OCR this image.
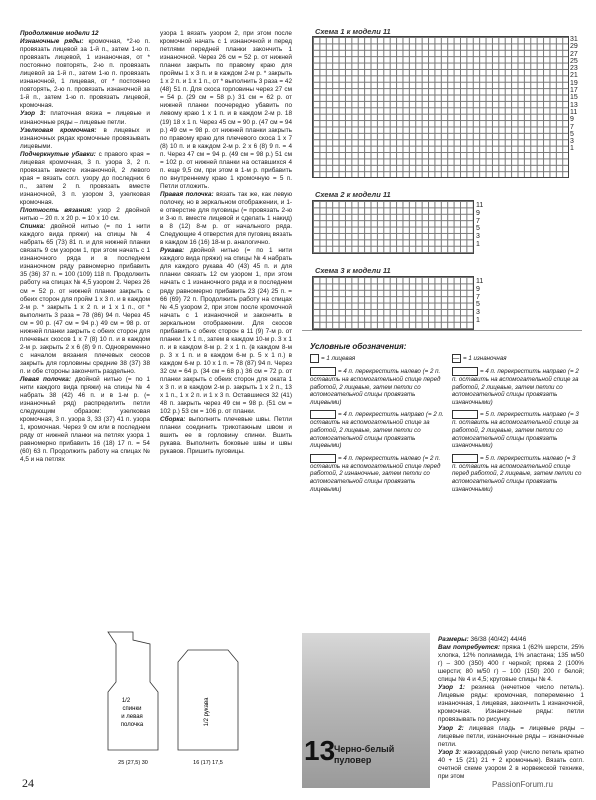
Продолжение модели 12

Изнаночные ряды: кромочная, *2-ю п. провязать лицевой за 1-й п., затем 1-ю п. провязать лицевой, 1 изнаночная, от * постоянно повторять, 2-ю п. провязать лицевой за 1-й п., затем 1-ю п. провязать изнаночной, 1 лицевая, от * постоянно повторять, 2-ю п. провязать изнаночной за 1-й п., затем 1-ю п. провязать лицевой, кромочная.

Узор 3: платочная вязка = лицевые и изнаночные ряды – лицевые петли.

Узелковая кромочная: в лицевых и изнаночных рядах кромочные провязывать лицевыми.

Подчеркнутые убавки: с правого края = лицевая кромочная, 3 п. узора 3, 2 п. провязать вместе изнаночной, 2 левого края = вязать согл. узору до последних 6 п., затем 2 п. провязать вместе изнаночной, 3 п. узором 3, узелковая кромочная.

Плотность вязания: узор 2 двойной нитью – 20 п. x 20 р. = 10 x 10 см.

Спинка: двойной нитью (= по 1 нити каждого вида пряжи) на спицы № 4 набрать 65 (73) 81 п. и для нижней планки связать 9 см узором 1, при этом начать с 1 изнаночного ряда и в последнем изнаночном ряду равномерно прибавить 35 (36) 37 п. = 100 (109) 118 п. Продолжить работу на спицах № 4,5 узором 2. Через 26 см = 52 р. от нижней планки закрыть с обеих сторон для пройм 1 x 3 п. и в каждом 2-м р. * закрыть 1 x 2 п. и 1 x 1 п., от * выполнить 3 раза = 78 (86) 94 п. Через 45 см = 90 р. (47 см = 94 р.) 49 см = 98 р. от нижней планки закрыть с обеих сторон для плечевых скосов 1 x 7 (8) 10 п. и в каждом 2-м р. закрыть 2 x 6 (8) 9 п. Одновременно с началом вязания плечевых скосов закрыть для горловины средние 38 (37) 38 п. и обе стороны закончить раздельно.

Левая полочка: двойной нитью (= по 1 нити каждого вида пряжи) на спицы № 4 набрать 38 (42) 46 п. и в 1-м р. (= изнаночный ряд) распределить петли следующим образом: узелковая кромочная, 3 п. узора 3, 33 (37) 41 п. узора 1, кромочная. Через 9 см или в последнем ряду от нижней планки на петлях узора 1 равномерно прибавить 16 (18) 17 п. = 54 (60) 63 п. Продолжить работу на спицах № 4,5 и на петлях

узора 1 вязать узором 2, при этом после кромочной начать с 1 изнаночной и перед петлями передней планки закончить 1 изнаночной. Через 26 см = 52 р. от нижней планки закрыть по правому краю для проймы 1 x 3 п. и в каждом 2-м р. * закрыть 1 x 2 п. и 1 x 1 п., от * выполнить 3 раза = 42 (48) 51 п. Для скоса горловины через 27 см = 54 р. (29 см = 58 р.) 31 см = 62 р. от нижней планки поочередно убавить по левому краю 1 x 1 п. и в каждом 2-м р. 18 (19) 18 x 1 п. Через 45 см = 90 р. (47 см = 94 р.) 49 см = 98 р. от нижней планки закрыть по правому краю для плечевого скоса 1 x 7 (8) 10 п. и в каждом 2-м р. 2 x 6 (8) 9 п. = 4 п. Через 47 см = 94 р. (49 см = 98 р.) 51 см = 102 р. от нижней планки на оставшихся 4 п. еще 9,5 см, при этом в 1-м р. прибавить по внутреннему краю 1 кромочную = 5 п. Петли отложить.

Правая полочка: вязать так же, как левую полочку, но в зеркальном отображении, и 1-е отверстие для пуговицы (= провязать 2-ю и 3-ю п. вместе лицевой и сделать 1 накид) в 8 (12) 8-м р. от начального ряда. Следующие 4 отверстия для пуговиц вязать в каждом 16 (16) 18-м р. аналогично.

Рукава: двойной нитью (= по 1 нити каждого вида пряжи) на спицы № 4 набрать для каждого рукава 40 (43) 45 п. и для планки связать 12 см узором 1, при этом начать с 1 изнаночного ряда и в последнем ряду равномерно прибавить 23 (24) 25 п. = 66 (69) 72 п. Продолжить работу на спицах № 4,5 узором 2, при этом после кромочной начать с 1 изнаночной и закончить в зеркальном отображении. Для скосов прибавить с обеих сторон в 11 (9) 7-м р. от планки 1 x 1 п., затем в каждом 10-м р. 3 x 1 п. и в каждом 8-м р. 2 x 1 п. (в каждом 8-м р. 3 x 1 п. и в каждом 6-м р. 5 x 1 п.) в каждом 6-м р. 10 x 1 п. = 78 (87) 94 п. Через 32 см = 64 р. (34 см = 68 р.) 36 см = 72 р. от планки закрыть с обеих сторон для оката 1 x 3 п. и в каждом 2-м р. закрыть 1 x 2 п., 13 x 1 п., 1 x 2 п. и 1 x 3 п. Оставшиеся 32 (41) 48 п. закрыть через 49 см = 98 р. (51 см = 102 р.) 53 см = 106 р. от планки.

Сборка: выполнить плечевые швы. Петли планки соединить трикотажным швом и вшить ее в горловину спинки. Вшить рукава. Выполнить боковые швы и швы рукавов. Пришить пуговицы.

Схема 1 к модели 11
31
29
27
25
23
21
19
17
15
13
11
9
7
5
3
1
Схема 2 к модели 11
11
9
7
5
3
1
Схема 3 к модели 11
11
9
7
5
3
1
Условные обозначения:
= 1 лицевая
= 4 п. перекрестить налево (= 2 п. оставить на вспомогательной спице перед работой, 2 лицевые, затем петли со вспомогательной спицы провязать лицевыми)
= 4 п. перекрестить направо (= 2 п. оставить на вспомогательной спице за работой, 2 лицевые, затем петли со вспомогательной спицы провязать лицевыми)
= 4 п. перекрестить налево (= 2 п. оставить на вспомогательной спице перед работой, 2 изнаночные, затем петли со вспомогательной спицы провязать лицевыми)
— = 1 изнаночная
= 4 п. перекрестить направо (= 2 п. оставить на вспомогательной спице за работой, 2 лицевые, затем петли со вспомогательной спицы провязать изнаночными)
= 5 п. перекрестить направо (= 3 п. оставить на вспомогательной спице за работой, 2 лицевые, затем петли со вспомогательной спицы провязать изнаночными)
= 5 п. перекрестить налево (= 3 п. оставить на вспомогательной спице перед работой, 2 лицевые, затем петли со вспомогательной спицы провязать изнаночными)
1/2
спинки
и левая
полочка	1/2 рукава
25 (27,5) 30	16 (17) 17,5	13
Черно-белый
пуловер

Размеры: 36/38 (40/42) 44/46

Вам потребуется: пряжа 1 (62% шерсти, 25% хлопка, 12% полиамида, 1% эластана; 135 м/50 г) – 300 (350) 400 г черной; пряжа 2 (100% шерсти; 80 м/50 г) – 100 (150) 200 г белой; спицы № 4 и 4,5; круговые спицы № 4.

Узор 1: резинка (нечетное число петель). Лицевые ряды: кромочная, попеременно 1 изнаночная, 1 лицевая, закончить 1 изнаночной, кромочная. Изнаночные ряды: петли провязывать по рисунку.

Узор 2: лицевая гладь = лицевые ряды – лицевые петли, изнаночные ряды – изнаночные петли.

Узор 3: жаккардовый узор (число петель кратно 40 + 15 (21) 21 + 2 кромочные). Вязать согл. счетной схеме узором 2 в норвежской технике, при этом

24	PassionForum.ru
